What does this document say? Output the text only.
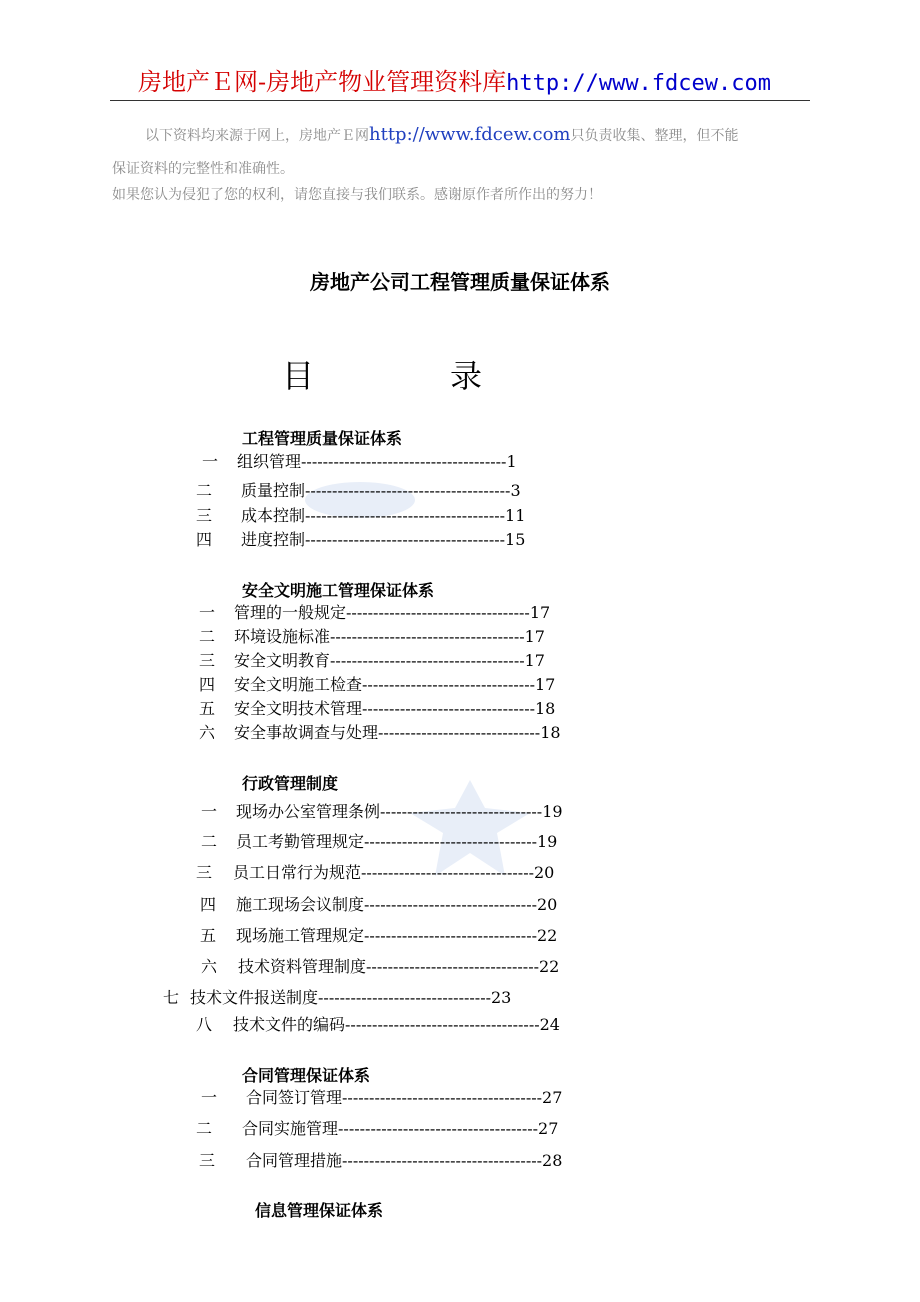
房地产Ｅ网-房地产物业管理资料库http://www.fdcew.com
以下资料均来源于网上，房地产Ｅ网http://www.fdcew.com只负责收集、整理，但不能
保证资料的完整性和准确性。
如果您认为侵犯了您的权利，请您直接与我们联系。感谢原作者所作出的努力！
房地产公司工程管理质量保证体系
目	录
工程管理质量保证体系
一 组织管理--------------------------------------1
二 质量控制--------------------------------------3
三 成本控制-------------------------------------11
四 进度控制-------------------------------------15
安全文明施工管理保证体系
一 管理的一般规定----------------------------------17
二 环境设施标准------------------------------------17
三 安全文明教育------------------------------------17
四 安全文明施工检查--------------------------------17
五 安全文明技术管理--------------------------------18
六 安全事故调查与处理------------------------------18
行政管理制度
一 现场办公室管理条例------------------------------19
二 员工考勤管理规定--------------------------------19
三 员工日常行为规范--------------------------------20
四 施工现场会议制度--------------------------------20
五 现场施工管理规定--------------------------------22
六 技术资料管理制度--------------------------------22
七 技术文件报送制度--------------------------------23
八 技术文件的编码------------------------------------24
合同管理保证体系
一 合同签订管理-------------------------------------27
二 合同实施管理-------------------------------------27
三 合同管理措施-------------------------------------28
信息管理保证体系
